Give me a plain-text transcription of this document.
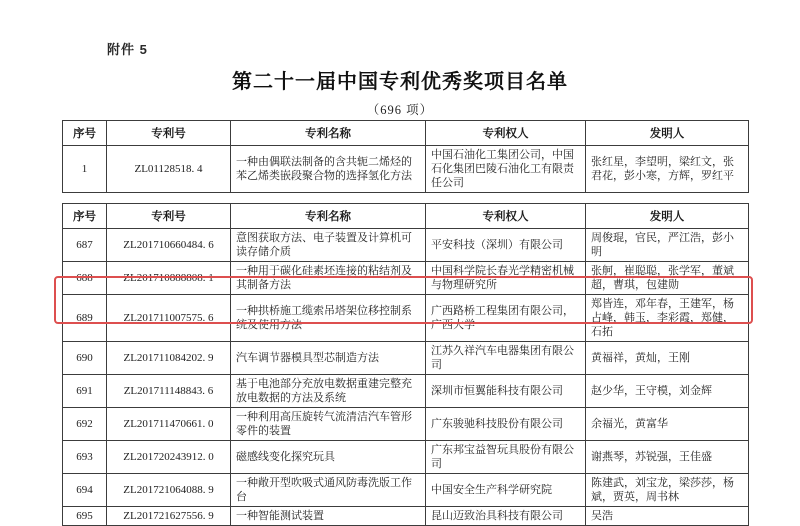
附件 5
第二十一届中国专利优秀奖项目名单
（696 项）
序号	专利号	专利名称	专利权人	发明人
1	ZL01128518. 4	一种由偶联法制备的含共轭二烯烃的苯乙烯类嵌段聚合物的选择氢化方法	中国石油化工集团公司，中国石化集团巴陵石油化工有限责任公司	张红星，李望明，梁红文，张君花，彭小寒，方辉，罗红平
序号	专利号	专利名称	专利权人	发明人
687	ZL201710660484. 6	意图获取方法、电子装置及计算机可读存储介质	平安科技（深圳）有限公司	周俊琨，官民，严江浩，彭小明
688	ZL201710888808. 1	一种用于碳化硅素坯连接的粘结剂及其制备方法	中国科学院长春光学精密机械与物理研究所	张舸，崔聪聪，张学军，董斌超，曹琪，包建勋
689	ZL201711007575. 6	一种拱桥施工缆索吊塔架位移控制系统及使用方法	广西路桥工程集团有限公司，广西大学	郑皆连，邓年春，王建军，杨占峰，韩玉，李彩霞，郑健，石拓
690	ZL201711084202. 9	汽车调节器模具型芯制造方法	江苏久祥汽车电器集团有限公司	黄福祥，黄灿，王刚
691	ZL201711148843. 6	基于电池部分充放电数据重建完整充放电数据的方法及系统	深圳市恒翼能科技有限公司	赵少华，王守模，刘金辉
692	ZL201711470661. 0	一种利用高压旋转气流清洁汽车管形零件的装置	广东骏驰科技股份有限公司	余福光，黄富华
693	ZL201720243912. 0	磁感线变化探究玩具	广东邦宝益智玩具股份有限公司	谢燕琴，苏锐强，王佳盛
694	ZL201721064088. 9	一种敞开型吹吸式通风防毒洗版工作台	中国安全生产科学研究院	陈建武，刘宝龙，梁莎莎，杨斌，贾英，周书林
695	ZL201721627556. 9	一种智能测试装置	昆山迈致治具科技有限公司	吴浩
